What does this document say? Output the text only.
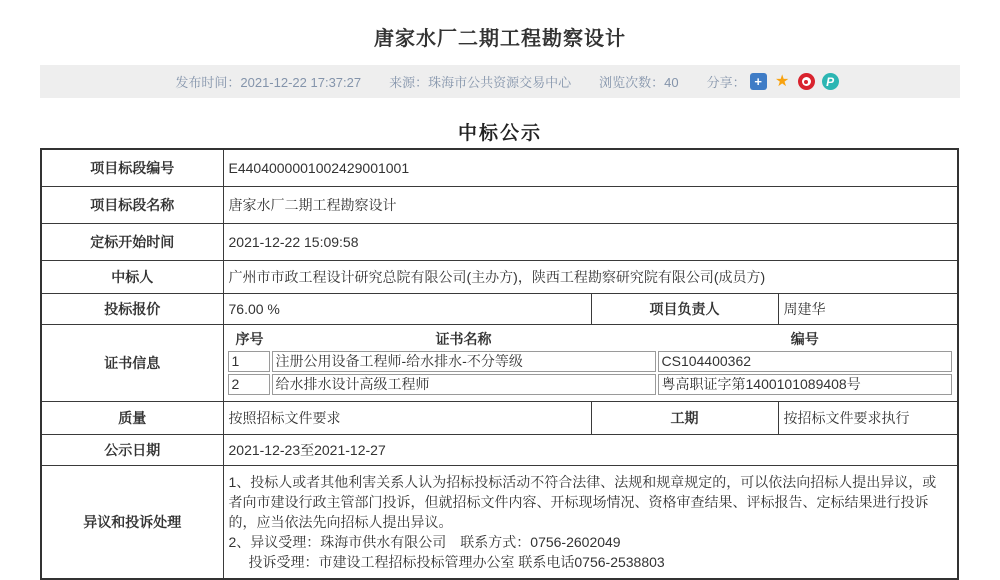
唐家水厂二期工程勘察设计
发布时间：2021-12-22 17:37:27 来源：珠海市公共资源交易中心 浏览次数：40 分享： + ★	P
中标公示
项目标段编号	E4404000001002429001001
项目标段名称	唐家水厂二期工程勘察设计
定标开始时间	2021-12-22 15:09:58
中标人	广州市市政工程设计研究总院有限公司(主办方)，陕西工程勘察研究院有限公司(成员方)
投标报价	76.00 %	项目负责人	周建华
证书信息	
序号	证书名称	编号

1	注册公用设备工程师-给水排水-不分等级	CS104400362

2	给水排水设计高级工程师	粤高职证字第1400101089408号

质量	按照招标文件要求	工期	按招标文件要求执行
公示日期	2021-12-23至2021-12-27
异议和投诉处理	
1、投标人或者其他利害关系人认为招标投标活动不符合法律、法规和规章规定的，可以依法向招标人提出异议，或者向市建设行政主管部门投诉，但就招标文件内容、开标现场情况、资格审查结果、评标报告、定标结果进行投诉的，应当依法先向招标人提出异议。
2、异议受理：珠海市供水有限公司　联系方式：0756-2602049
投诉受理：市建设工程招标投标管理办公室 联系电话0756-2538803
